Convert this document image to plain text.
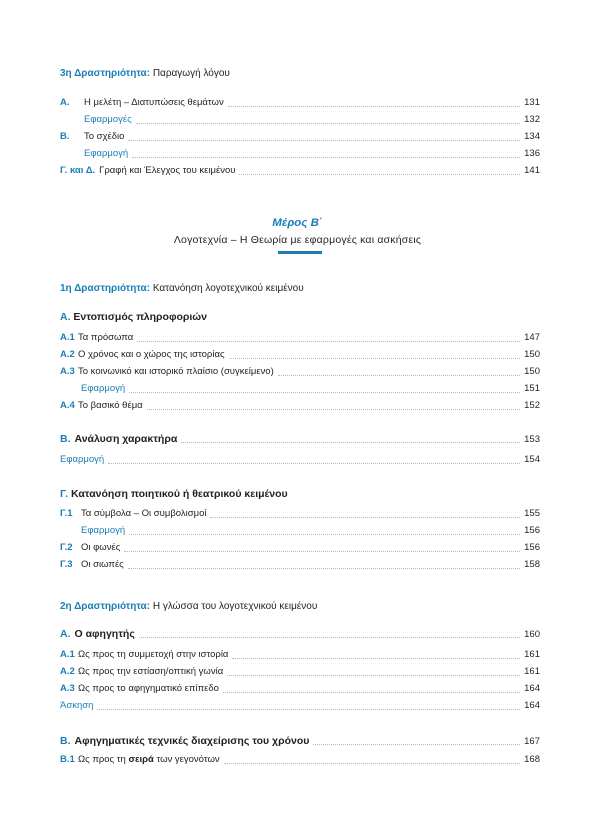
3η Δραστηριότητα: Παραγωγή λόγου
Α.	Η μελέτη – Διατυπώσεις θεμάτων	131
Εφαρμογές	132
Β.	Το σχέδιο	134
Εφαρμογή	136
Γ. και Δ. Γραφή και Έλεγχος του κειμένου	141
Μέρος Β΄
Λογοτεχνία – Η Θεωρία με εφαρμογές και ασκήσεις
1η Δραστηριότητα: Κατανόηση λογοτεχνικού κειμένου
Α. Εντοπισμός πληροφοριών
Α.1 Τα πρόσωπα	147
Α.2 Ο χρόνος και ο χώρος της ιστορίας	150
Α.3 Το κοινωνικό και ιστορικό πλαίσιο (συγκείμενο)	150
Εφαρμογή	151
Α.4 Το βασικό θέμα	152
Β. Ανάλυση χαρακτήρα	153
Εφαρμογή	154
Γ. Κατανόηση ποιητικού ή θεατρικού κειμένου
Γ.1 Τα σύμβολα – Οι συμβολισμοί	155
Εφαρμογή	156
Γ.2 Οι φωνές	156
Γ.3 Οι σιωπές	158
2η Δραστηριότητα: Η γλώσσα του λογοτεχνικού κειμένου
Α. Ο αφηγητής	160
Α.1 Ως προς τη συμμετοχή στην ιστορία	161
Α.2 Ως προς την εστίαση/οπτική γωνία	161
Α.3 Ως προς το αφηγηματικό επίπεδο	164
Άσκηση	164
Β. Αφηγηματικές τεχνικές διαχείρισης του χρόνου	167
Β.1 Ως προς τη σειρά των γεγονότων	168
